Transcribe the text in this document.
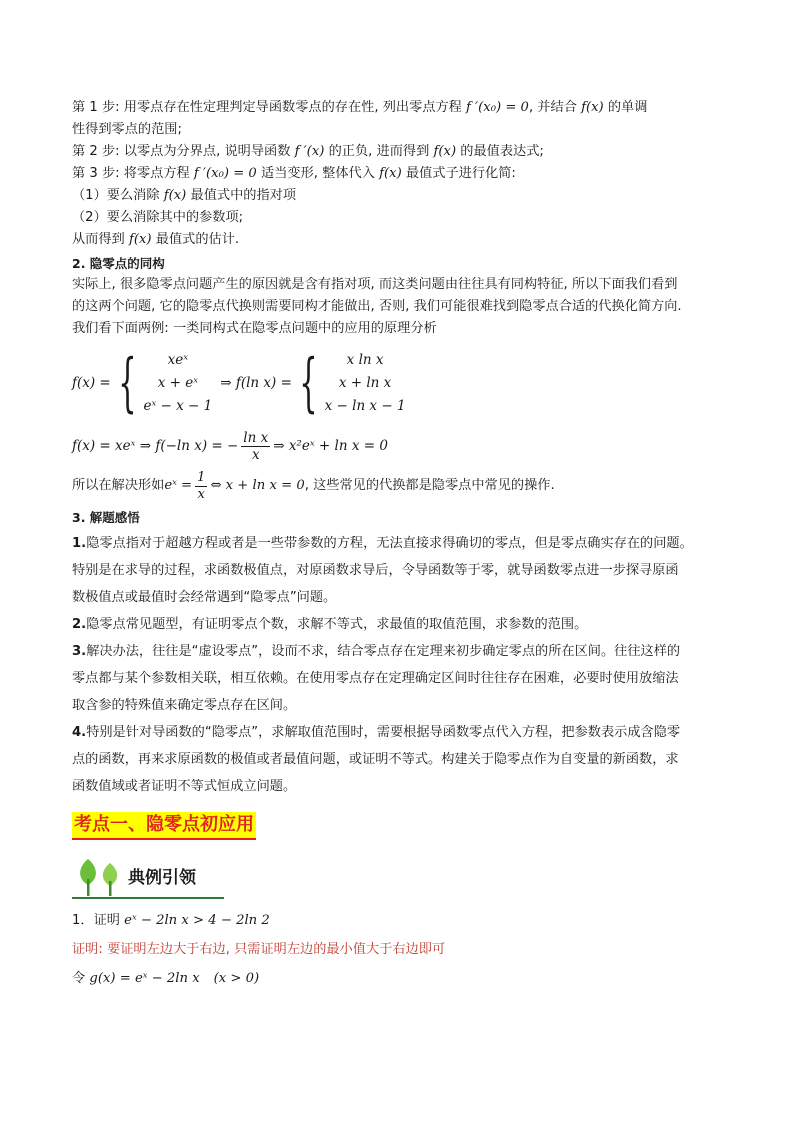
第 1 步: 用零点存在性定理判定导函数零点的存在性, 列出零点方程 f ′(x₀) = 0, 并结合 f(x) 的单调
性得到零点的范围;
第 2 步: 以零点为分界点, 说明导函数 f ′(x) 的正负, 进而得到 f(x) 的最值表达式;
第 3 步: 将零点方程 f ′(x₀) = 0 适当变形, 整体代入 f(x) 最值式子进行化简:
（1）要么消除 f(x) 最值式中的指对项
（2）要么消除其中的参数项;
从而得到 f(x) 最值式的估计.
2. 隐零点的同构
实际上, 很多隐零点问题产生的原因就是含有指对项, 而这类问题由往往具有同构特征, 所以下面我们看到
的这两个问题, 它的隐零点代换则需要同构才能做出, 否则, 我们可能很难找到隐零点合适的代换化简方向.
我们看下面两例: 一类同构式在隐零点问题中的应用的原理分析
f(x) = {	xeˣ
x + eˣ
eˣ − x − 1
⇒ f(ln x) = {	x ln x
x + ln x
x − ln x − 1
f(x) = xeˣ ⇒ f(−ln x) = − $\frac{\text{ln x}}{x}$ ⇒ x²eˣ + ln x = 0
所以在解决形如 eˣ = $\frac{1}{x}$ ⇔ x + ln x = 0 , 这些常见的代换都是隐零点中常见的操作.
3. 解题感悟
1.隐零点指对于超越方程或者是一些带参数的方程，无法直接求得确切的零点，但是零点确实存在的问题。
特别是在求导的过程，求函数极值点，对原函数求导后，令导函数等于零，就导函数零点进一步探寻原函
数极值点或最值时会经常遇到“隐零点”问题。
2.隐零点常见题型，有证明零点个数，求解不等式，求最值的取值范围，求参数的范围。
3.解决办法，往往是“虚设零点”，设而不求，结合零点存在定理来初步确定零点的所在区间。往往这样的
零点都与某个参数相关联，相互依赖。在使用零点存在定理确定区间时往往存在困难，必要时使用放缩法
取含参的特殊值来确定零点存在区间。
4.特别是针对导函数的“隐零点”，求解取值范围时，需要根据导函数零点代入方程，把参数表示成含隐零
点的函数，再来求原函数的极值或者最值问题，或证明不等式。构建关于隐零点作为自变量的新函数，求
函数值域或者证明不等式恒成立问题。
考点一、隐零点初应用
典例引领
1．证明 eˣ − 2ln x > 4 − 2ln 2
证明: 要证明左边大于右边, 只需证明左边的最小值大于右边即可
令 g(x) = eˣ − 2ln x (x > 0)
